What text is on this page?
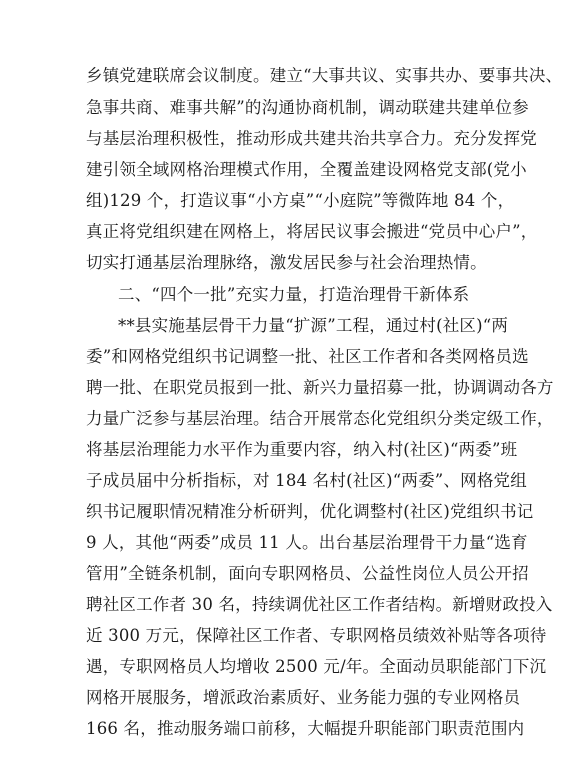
乡镇党建联席会议制度。建立“大事共议、实事共办、要事共决、
急事共商、难事共解”的沟通协商机制，调动联建共建单位参
与基层治理积极性，推动形成共建共治共享合力。充分发挥党
建引领全域网格治理模式作用，全覆盖建设网格党支部(党小
组)129 个，打造议事“小方桌”“小庭院”等微阵地 84 个，
真正将党组织建在网格上，将居民议事会搬进“党员中心户”，
切实打通基层治理脉络，激发居民参与社会治理热情。
二、“四个一批”充实力量，打造治理骨干新体系
**县实施基层骨干力量“扩源”工程，通过村(社区)“两
委”和网格党组织书记调整一批、社区工作者和各类网格员选
聘一批、在职党员报到一批、新兴力量招募一批，协调调动各方
力量广泛参与基层治理。结合开展常态化党组织分类定级工作，
将基层治理能力水平作为重要内容，纳入村(社区)“两委”班
子成员届中分析指标，对 184 名村(社区)“两委”、网格党组
织书记履职情况精准分析研判，优化调整村(社区)党组织书记
9 人，其他“两委”成员 11 人。出台基层治理骨干力量“选育
管用”全链条机制，面向专职网格员、公益性岗位人员公开招
聘社区工作者 30 名，持续调优社区工作者结构。新增财政投入
近 300 万元，保障社区工作者、专职网格员绩效补贴等各项待
遇，专职网格员人均增收 2500 元/年。全面动员职能部门下沉
网格开展服务，增派政治素质好、业务能力强的专业网格员
166 名，推动服务端口前移，大幅提升职能部门职责范围内
